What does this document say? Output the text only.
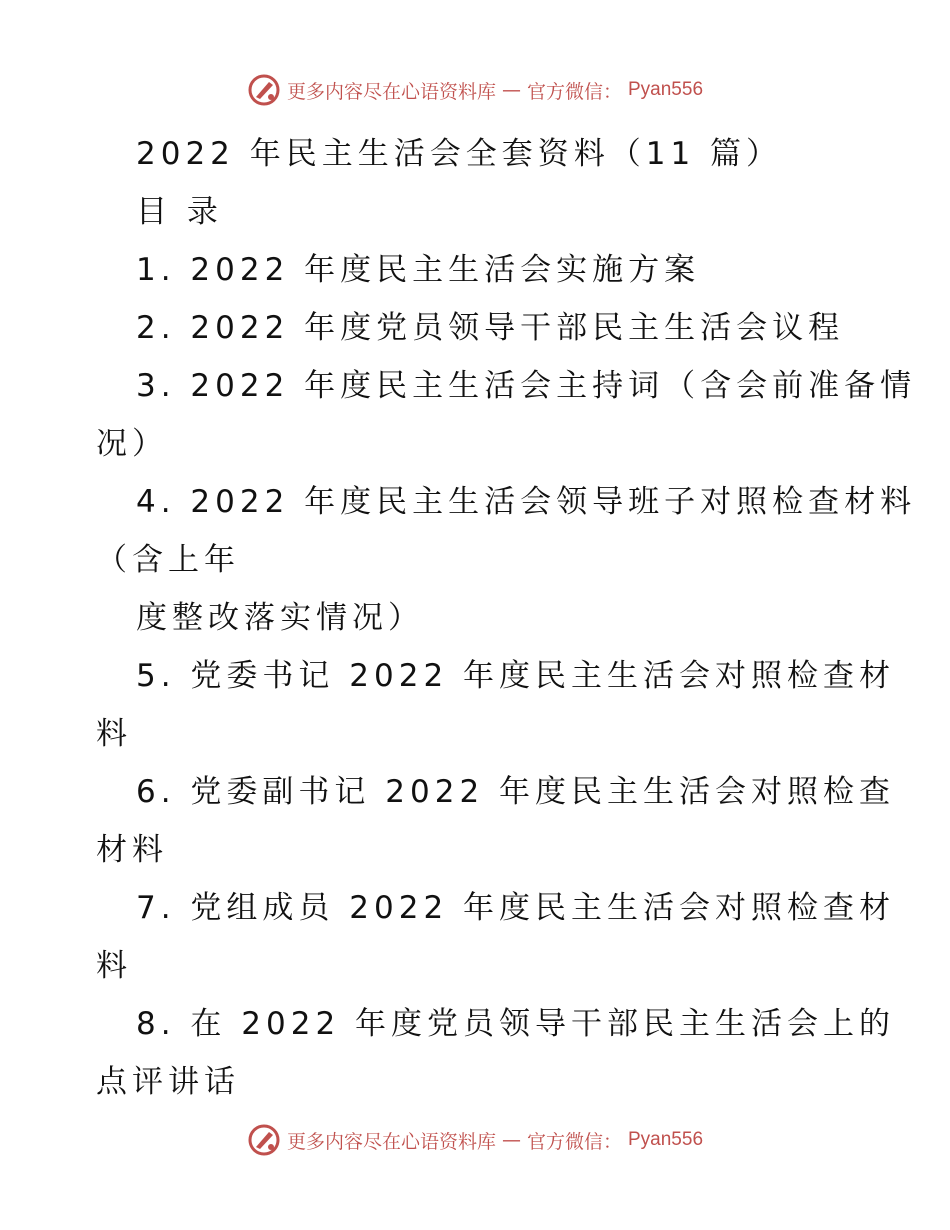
更多内容尽在心语资料库 — 官方微信： Pyan556
2022 年民主生活会全套资料（11 篇）
目 录
1. 2022 年度民主生活会实施方案
2. 2022 年度党员领导干部民主生活会议程
3. 2022 年度民主生活会主持词（含会前准备情
况）
4. 2022 年度民主生活会领导班子对照检查材料
（含上年
度整改落实情况）
5. 党委书记 2022 年度民主生活会对照检查材
料
6. 党委副书记 2022 年度民主生活会对照检查
材料
7. 党组成员 2022 年度民主生活会对照检查材
料
8. 在 2022 年度党员领导干部民主生活会上的
点评讲话
更多内容尽在心语资料库 — 官方微信： Pyan556
